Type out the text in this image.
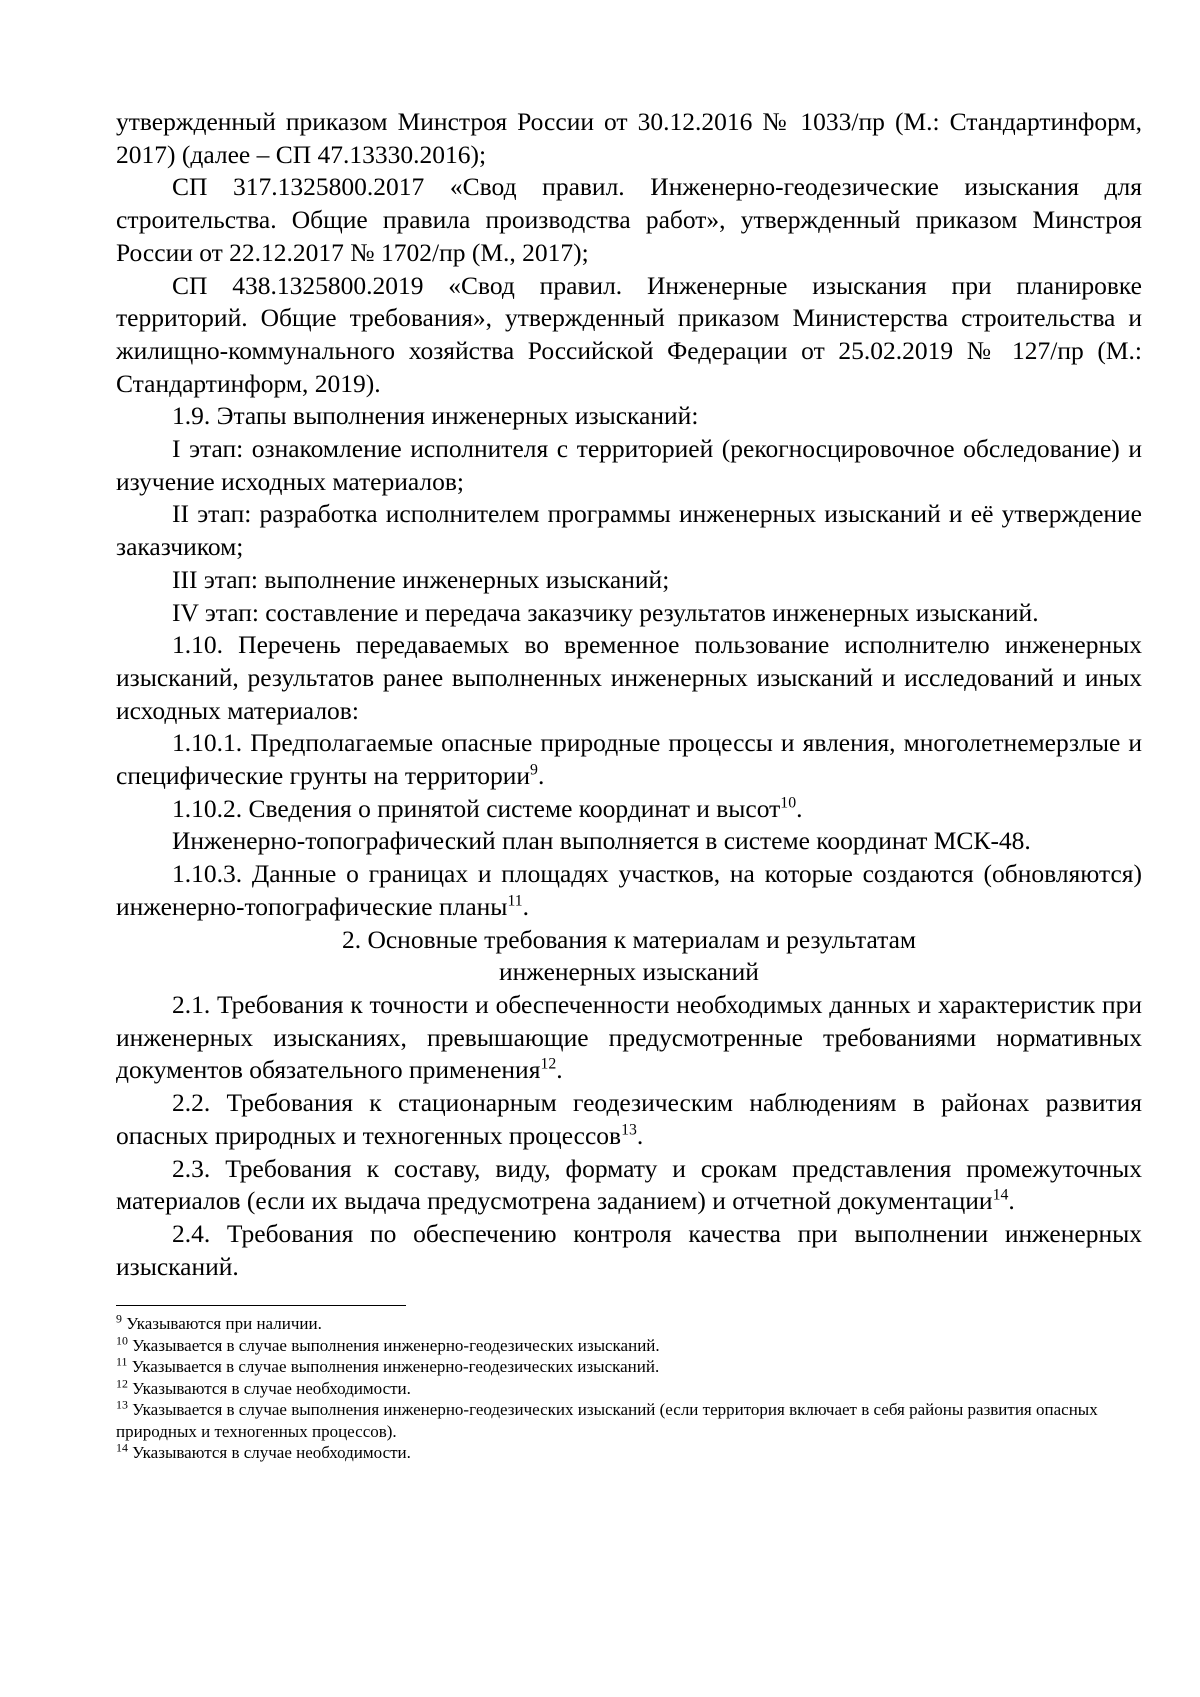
утвержденный приказом Минстроя России от 30.12.2016 № 1033/пр (М.: Стандартинформ, 2017) (далее – СП 47.13330.2016);

СП 317.1325800.2017 «Свод правил. Инженерно-геодезические изыскания для строительства. Общие правила производства работ», утвержденный приказом Минстроя России от 22.12.2017 № 1702/пр (М., 2017);

СП 438.1325800.2019 «Свод правил. Инженерные изыскания при планировке территорий. Общие требования», утвержденный приказом Министерства строительства и жилищно-коммунального хозяйства Российской Федерации от 25.02.2019 № 127/пр (М.: Стандартинформ, 2019).

1.9. Этапы выполнения инженерных изысканий:

I этап: ознакомление исполнителя с территорией (рекогносцировочное обследование) и изучение исходных материалов;

II этап: разработка исполнителем программы инженерных изысканий и её утверждение заказчиком;

III этап: выполнение инженерных изысканий;

IV этап: составление и передача заказчику результатов инженерных изысканий.

1.10. Перечень передаваемых во временное пользование исполнителю инженерных изысканий, результатов ранее выполненных инженерных изысканий и исследований и иных исходных материалов:

1.10.1. Предполагаемые опасные природные процессы и явления, многолетнемерзлые и специфические грунты на территории$^9$.

1.10.2. Сведения о принятой системе координат и высот$^{10}$.

Инженерно-топографический план выполняется в системе координат МСК-48.

1.10.3. Данные о границах и площадях участков, на которые создаются (обновляются) инженерно-топографические планы$^{11}$.

2. Основные требования к материалам и результатам

инженерных изысканий

2.1. Требования к точности и обеспеченности необходимых данных и характеристик при инженерных изысканиях, превышающие предусмотренные требованиями нормативных документов обязательного применения$^{12}$.

2.2. Требования к стационарным геодезическим наблюдениям в районах развития опасных природных и техногенных процессов$^{13}$.

2.3. Требования к составу, виду, формату и срокам представления промежуточных материалов (если их выдача предусмотрена заданием) и отчетной документации$^{14}$.

2.4. Требования по обеспечению контроля качества при выполнении инженерных изысканий.

$^9$ Указываются при наличии.

$^{10}$ Указывается в случае выполнения инженерно-геодезических изысканий.

$^{11}$ Указывается в случае выполнения инженерно-геодезических изысканий.

$^{12}$ Указываются в случае необходимости.

$^{13}$ Указывается в случае выполнения инженерно-геодезических изысканий (если территория включает в себя районы развития опасных природных и техногенных процессов).

$^{14}$ Указываются в случае необходимости.
